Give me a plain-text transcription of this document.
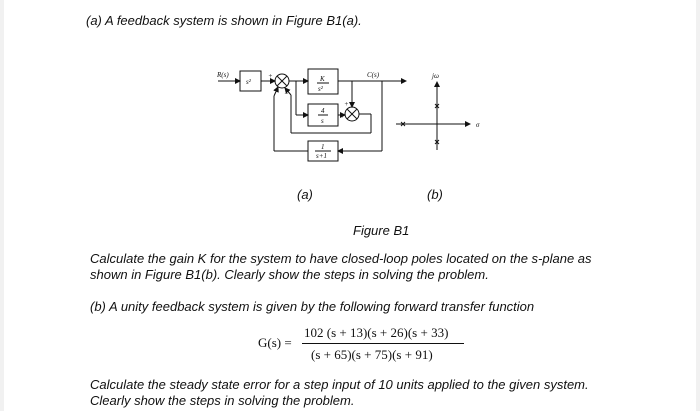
(a) A feedback system is shown in Figure B1(a).
R(s)	C(s)
s²	K
s²
4
s
1
s+1
+
−
+
+
jω
σ
(a)	(b)
Figure B1
Calculate the gain K for the system to have closed-loop poles located on the s-plane as
shown in Figure B1(b). Clearly show the steps in solving the problem.
(b) A unity feedback system is given by the following forward transfer function
G(s) =
102 (s + 13)(s + 26)(s + 33)
(s + 65)(s + 75)(s + 91)
Calculate the steady state error for a step input of 10 units applied to the given system.
Clearly show the steps in solving the problem.
